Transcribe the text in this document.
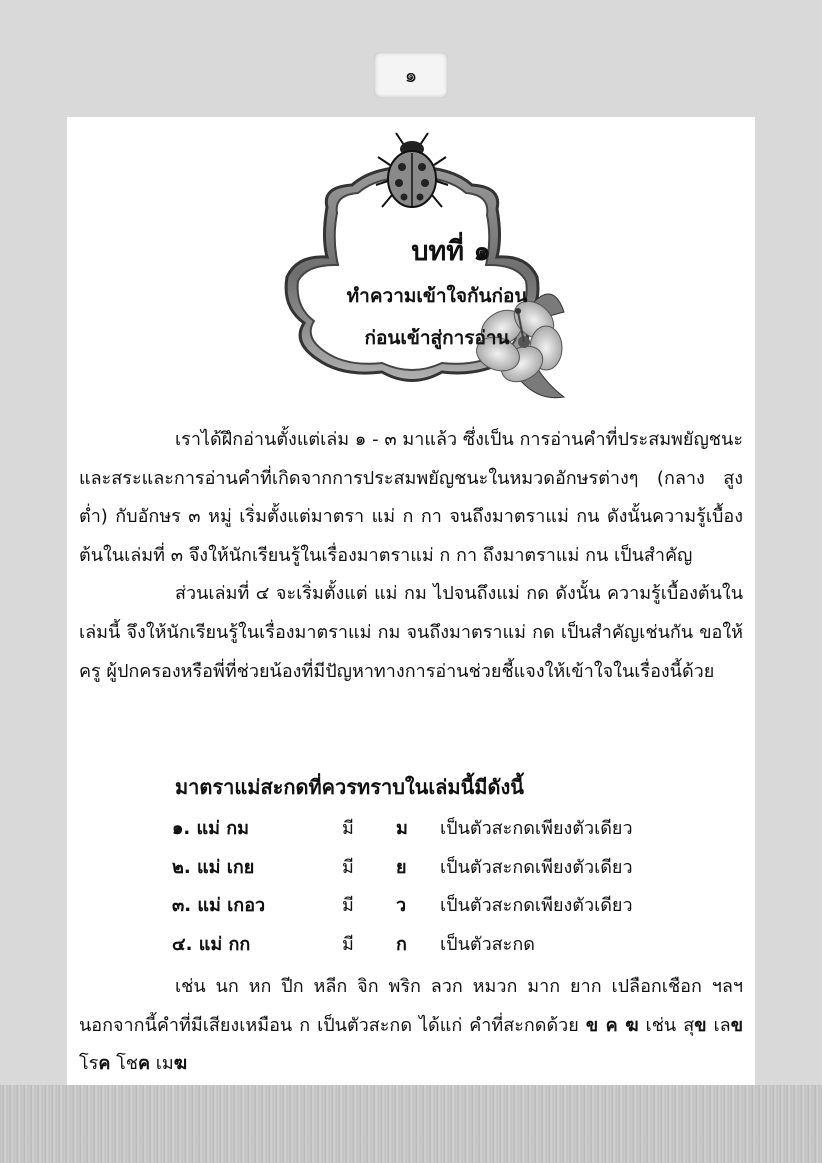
๑
บทที่ ๑
ทำความเข้าใจกันก่อน
ก่อนเข้าสู่การอ่าน

เราได้ฝึกอ่านตั้งแต่เล่ม ๑ - ๓ มาแล้ว ซึ่งเป็น การอ่านคำที่ประสมพยัญชนะและสระและการอ่านคำที่เกิดจากการประสมพยัญชนะในหมวดอักษรต่างๆ (กลาง สูง ต่ำ) กับอักษร ๓ หมู่ เริ่มตั้งแต่มาตรา แม่ ก กา จนถึงมาตราแม่ กน ดังนั้นความรู้เบื้องต้นในเล่มที่ ๓ จึงให้นักเรียนรู้ในเรื่องมาตราแม่ ก กา ถึงมาตราแม่ กน เป็นสำคัญ

ส่วนเล่มที่ ๔ จะเริ่มตั้งแต่ แม่ กม ไปจนถึงแม่ กด ดังนั้น ความรู้เบื้องต้นในเล่มนี้ จึงให้นักเรียนรู้ในเรื่องมาตราแม่ กม จนถึงมาตราแม่ กด เป็นสำคัญเช่นกัน ขอให้ครู ผู้ปกครองหรือพี่ที่ช่วยน้องที่มีปัญหาทางการอ่านช่วยชี้แจงให้เข้าใจในเรื่องนี้ด้วย

มาตราแม่สะกดที่ควรทราบในเล่มนี้มีดังนี้
๑. แม่ กม	มี ม เป็นตัวสะกดเพียงตัวเดียว
๒. แม่ เกย	มี ย เป็นตัวสะกดเพียงตัวเดียว
๓. แม่ เกอว	มี ว เป็นตัวสะกดเพียงตัวเดียว
๔. แม่ กก	มี ก เป็นตัวสะกด

เช่น นก หก ปีก หลีก จิก พริก ลวก หมวก มาก ยาก เปลือกเชือก ฯลฯ นอกจากนี้คำที่มีเสียงเหมือน ก เป็นตัวสะกด ได้แก่ คำที่สะกดด้วย ข ค ฆ เช่น สุข เลข โรค โชค เมฆ
